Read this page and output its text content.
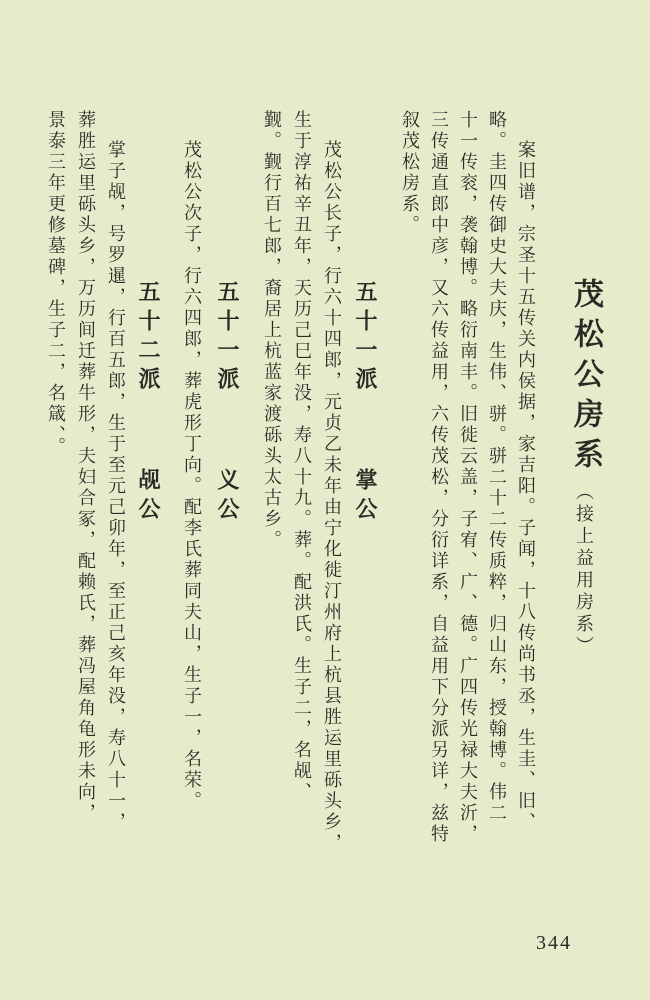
茂松公房系
（接上益用房系）
案旧谱，宗圣十五传关内侯据，家吉阳。子闻，十八传尚书丞，生圭、旧、
略。圭四传御史大夫庆，生伟、骈。骈二十二传质粹，归山东，授翰博。伟二
十一传衮，袭翰博。略衍南丰。旧徙云盖，子宥、广、德。广四传光禄大夫沂，
三传通直郎中彦，又六传益用，六传茂松，分衍详系，自益用下分派另详，兹特
叙茂松房系。
五十一派
掌公
茂松公长子，行六十四郎，元贞乙未年由宁化徙汀州府上杭县胜运里砾头乡，
生于淳祐辛丑年，天历己巳年没，寿八十九。葬。配洪氏。生子二，名觇、
觐。觐行百七郎，裔居上杭蓝家渡砾头太古乡。
五十一派
义公
茂松公次子，行六四郎，葬虎形丁向。配李氏葬同夫山，生子一，名荣。
五十二派
觇公
掌子觇，号罗暹，行百五郎，生于至元己卯年，至正己亥年没，寿八十一，
葬胜运里砾头乡，万历间迁葬牛形，夫妇合冢，配赖氏，葬冯屋角龟形未向，
景泰三年更修墓碑，生子二，名箴、。
344
